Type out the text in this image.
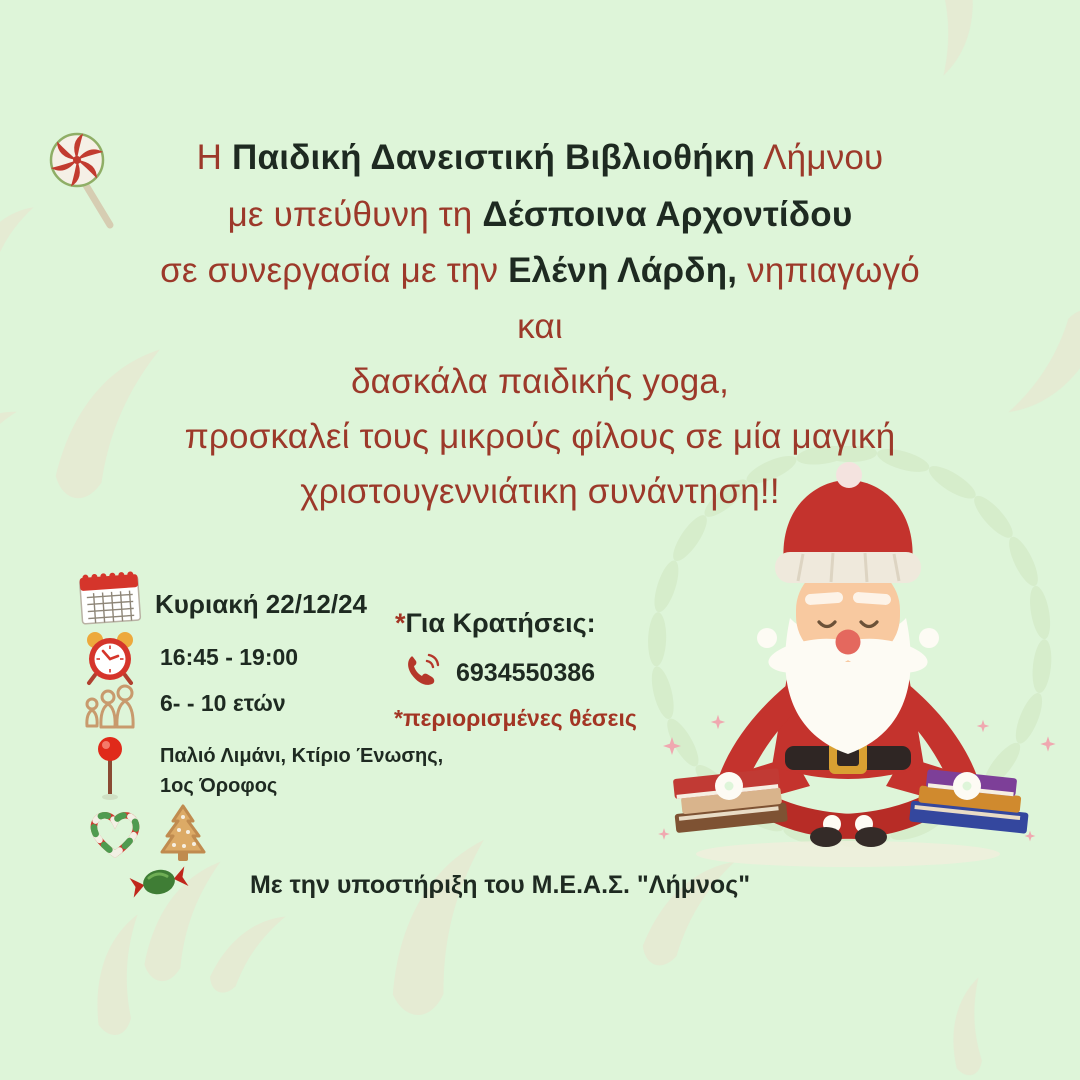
Η Παιδική Δανειστική Βιβλιοθήκη Λήμνου
με υπεύθυνη τη Δέσποινα Αρχοντίδου
σε συνεργασία με την Ελένη Λάρδη, νηπιαγωγό
και
δασκάλα παιδικής yoga,
προσκαλεί τους μικρούς φίλους σε μία μαγική
χριστουγεννιάτικη συνάντηση!!
Κυριακή 22/12/24
16:45 - 19:00
6- - 10 ετών
Παλιό Λιμάνι, Κτίριο Ένωσης,
1ος Όροφος
*Για Κρατήσεις:
6934550386
*περιορισμένες θέσεις
Με την υποστήριξη του Μ.Ε.Α.Σ. "Λήμνος"
